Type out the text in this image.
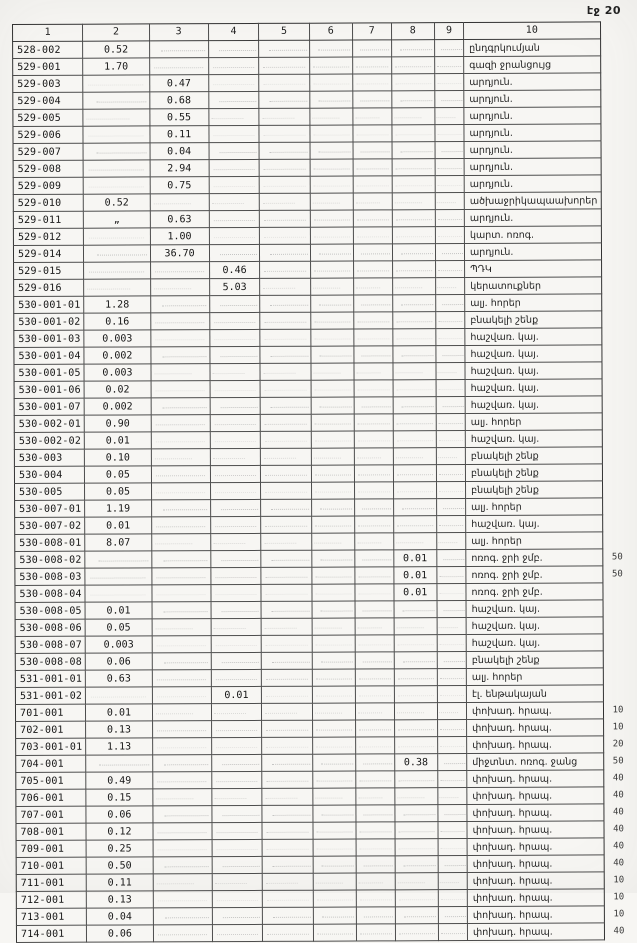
էջ 20
1	2	3	4	5	6	7	8	9	10	
528-002	0.52								ընդգրկումյան	
529-001	1.70								գազի ջրանցույց	
529-003		0.47							արդյուն.	
529-004		0.68							արդյուն.	
529-005		0.55							արդյուն.	
529-006		0.11							արդյուն.	
529-007		0.04							արդյուն.	
529-008		2.94							արդյուն.	
529-009		0.75							արդյուն.	
529-010	0.52								ածխաջրիկապաախորեր	
529-011	„	0.63							արդյուն.	
529-012		1.00							կարտ. ոռոգ.	
529-014		36.70							արդյուն.	
529-015			0.46						ՊԴԿ	
529-016			5.03						կերատուքներ	
530-001-01	1.28								ալյ. հորեր	
530-001-02	0.16								բնակելի շենք	
530-001-03	0.003								հաշվառ. կայ.	
530-001-04	0.002								հաշվառ. կայ.	
530-001-05	0.003								հաշվառ. կայ.	
530-001-06	0.02								հաշվառ. կայ.	
530-001-07	0.002								հաշվառ. կայ.	
530-002-01	0.90								ալյ. հորեր	
530-002-02	0.01								հաշվառ. կայ.	
530-003	0.10								բնակելի շենք	
530-004	0.05								բնակելի շենք	
530-005	0.05								բնակելի շենք	
530-007-01	1.19								ալյ. հորեր	
530-007-02	0.01								հաշվառ. կայ.	
530-008-01	8.07								ալյ. հորեր	
530-008-02							0.01		ոռոգ. ջրի ջմբ.	50
530-008-03							0.01		ոռոգ. ջրի ջմբ.	50
530-008-04							0.01		ոռոգ. ջրի ջմբ.	
530-008-05	0.01								հաշվառ. կայ.	
530-008-06	0.05								հաշվառ. կայ.	
530-008-07	0.003								հաշվառ. կայ.	
530-008-08	0.06								բնակելի շենք	
531-001-01	0.63								ալյ. հորեր	
531-001-02			0.01						էլ. ենթակայան	
701-001	0.01								փոխադ. հրապ.	10
702-001	0.13								փոխադ. հրապ.	10
703-001-01	1.13								փոխադ. հրապ.	20
704-001							0.38		միջտնտ. ոռոգ. ջանց	50
705-001	0.49								փոխադ. հրապ.	40
706-001	0.15								փոխադ. հրապ.	40
707-001	0.06								փոխադ. հրապ.	40
708-001	0.12								փոխադ. հրապ.	40
709-001	0.25								փոխադ. հրապ.	40
710-001	0.50								փոխադ. հրապ.	40
711-001	0.11								փոխադ. հրապ.	10
712-001	0.13								փոխադ. հրապ.	10
713-001	0.04								փոխադ. հրապ.	10
714-001	0.06								փոխադ. հրապ.	40
